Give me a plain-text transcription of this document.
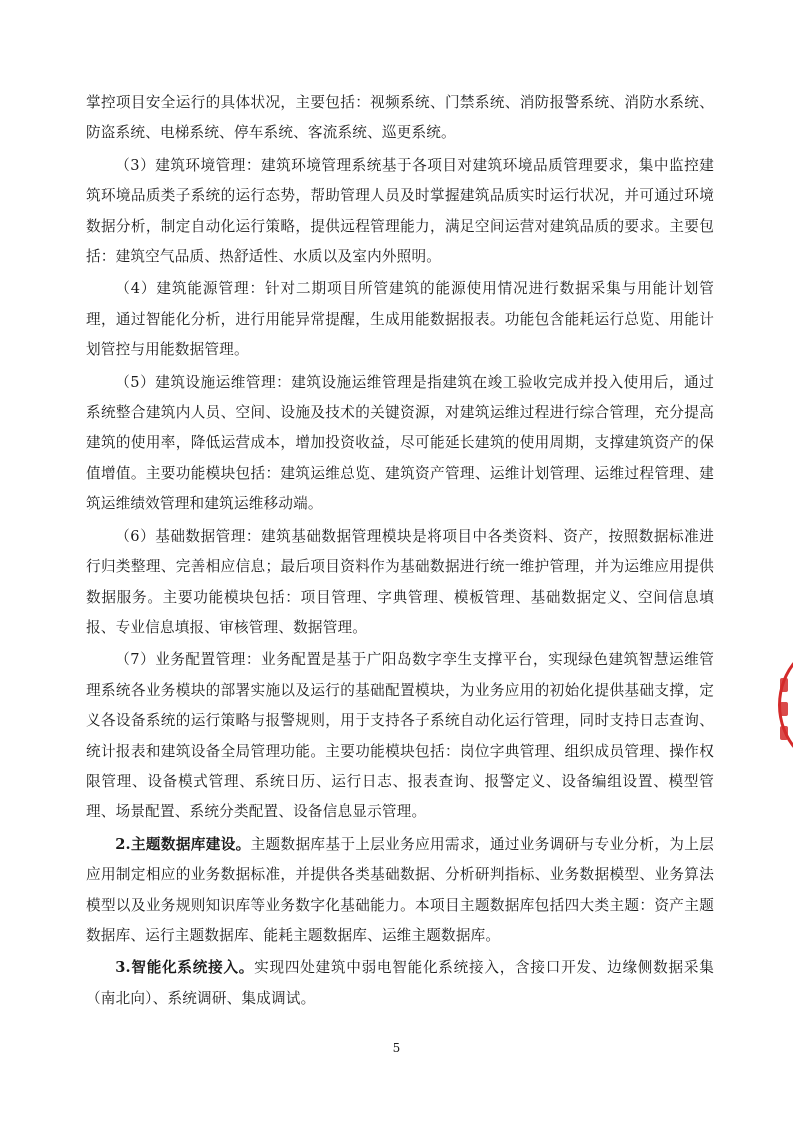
掌控项目安全运行的具体状况，主要包括：视频系统、门禁系统、消防报警系统、消防水系统、防盗系统、电梯系统、停车系统、客流系统、巡更系统。

（3）建筑环境管理：建筑环境管理系统基于各项目对建筑环境品质管理要求，集中监控建筑环境品质类子系统的运行态势，帮助管理人员及时掌握建筑品质实时运行状况，并可通过环境数据分析，制定自动化运行策略，提供远程管理能力，满足空间运营对建筑品质的要求。主要包括：建筑空气品质、热舒适性、水质以及室内外照明。

（4）建筑能源管理：针对二期项目所管建筑的能源使用情况进行数据采集与用能计划管理，通过智能化分析，进行用能异常提醒，生成用能数据报表。功能包含能耗运行总览、用能计划管控与用能数据管理。

（5）建筑设施运维管理：建筑设施运维管理是指建筑在竣工验收完成并投入使用后，通过系统整合建筑内人员、空间、设施及技术的关键资源，对建筑运维过程进行综合管理，充分提高建筑的使用率，降低运营成本，增加投资收益，尽可能延长建筑的使用周期，支撑建筑资产的保值增值。主要功能模块包括：建筑运维总览、建筑资产管理、运维计划管理、运维过程管理、建筑运维绩效管理和建筑运维移动端。

（6）基础数据管理：建筑基础数据管理模块是将项目中各类资料、资产，按照数据标准进行归类整理、完善相应信息；最后项目资料作为基础数据进行统一维护管理，并为运维应用提供数据服务。主要功能模块包括：项目管理、字典管理、模板管理、基础数据定义、空间信息填报、专业信息填报、审核管理、数据管理。

（7）业务配置管理：业务配置是基于广阳岛数字孪生支撑平台，实现绿色建筑智慧运维管理系统各业务模块的部署实施以及运行的基础配置模块，为业务应用的初始化提供基础支撑，定义各设备系统的运行策略与报警规则，用于支持各子系统自动化运行管理，同时支持日志查询、统计报表和建筑设备全局管理功能。主要功能模块包括：岗位字典管理、组织成员管理、操作权限管理、设备模式管理、系统日历、运行日志、报表查询、报警定义、设备编组设置、模型管理、场景配置、系统分类配置、设备信息显示管理。

2.主题数据库建设。主题数据库基于上层业务应用需求，通过业务调研与专业分析，为上层应用制定相应的业务数据标准，并提供各类基础数据、分析研判指标、业务数据模型、业务算法模型以及业务规则知识库等业务数字化基础能力。本项目主题数据库包括四大类主题：资产主题数据库、运行主题数据库、能耗主题数据库、运维主题数据库。

3.智能化系统接入。实现四处建筑中弱电智能化系统接入，含接口开发、边缘侧数据采集（南北向）、系统调研、集成调试。

5
